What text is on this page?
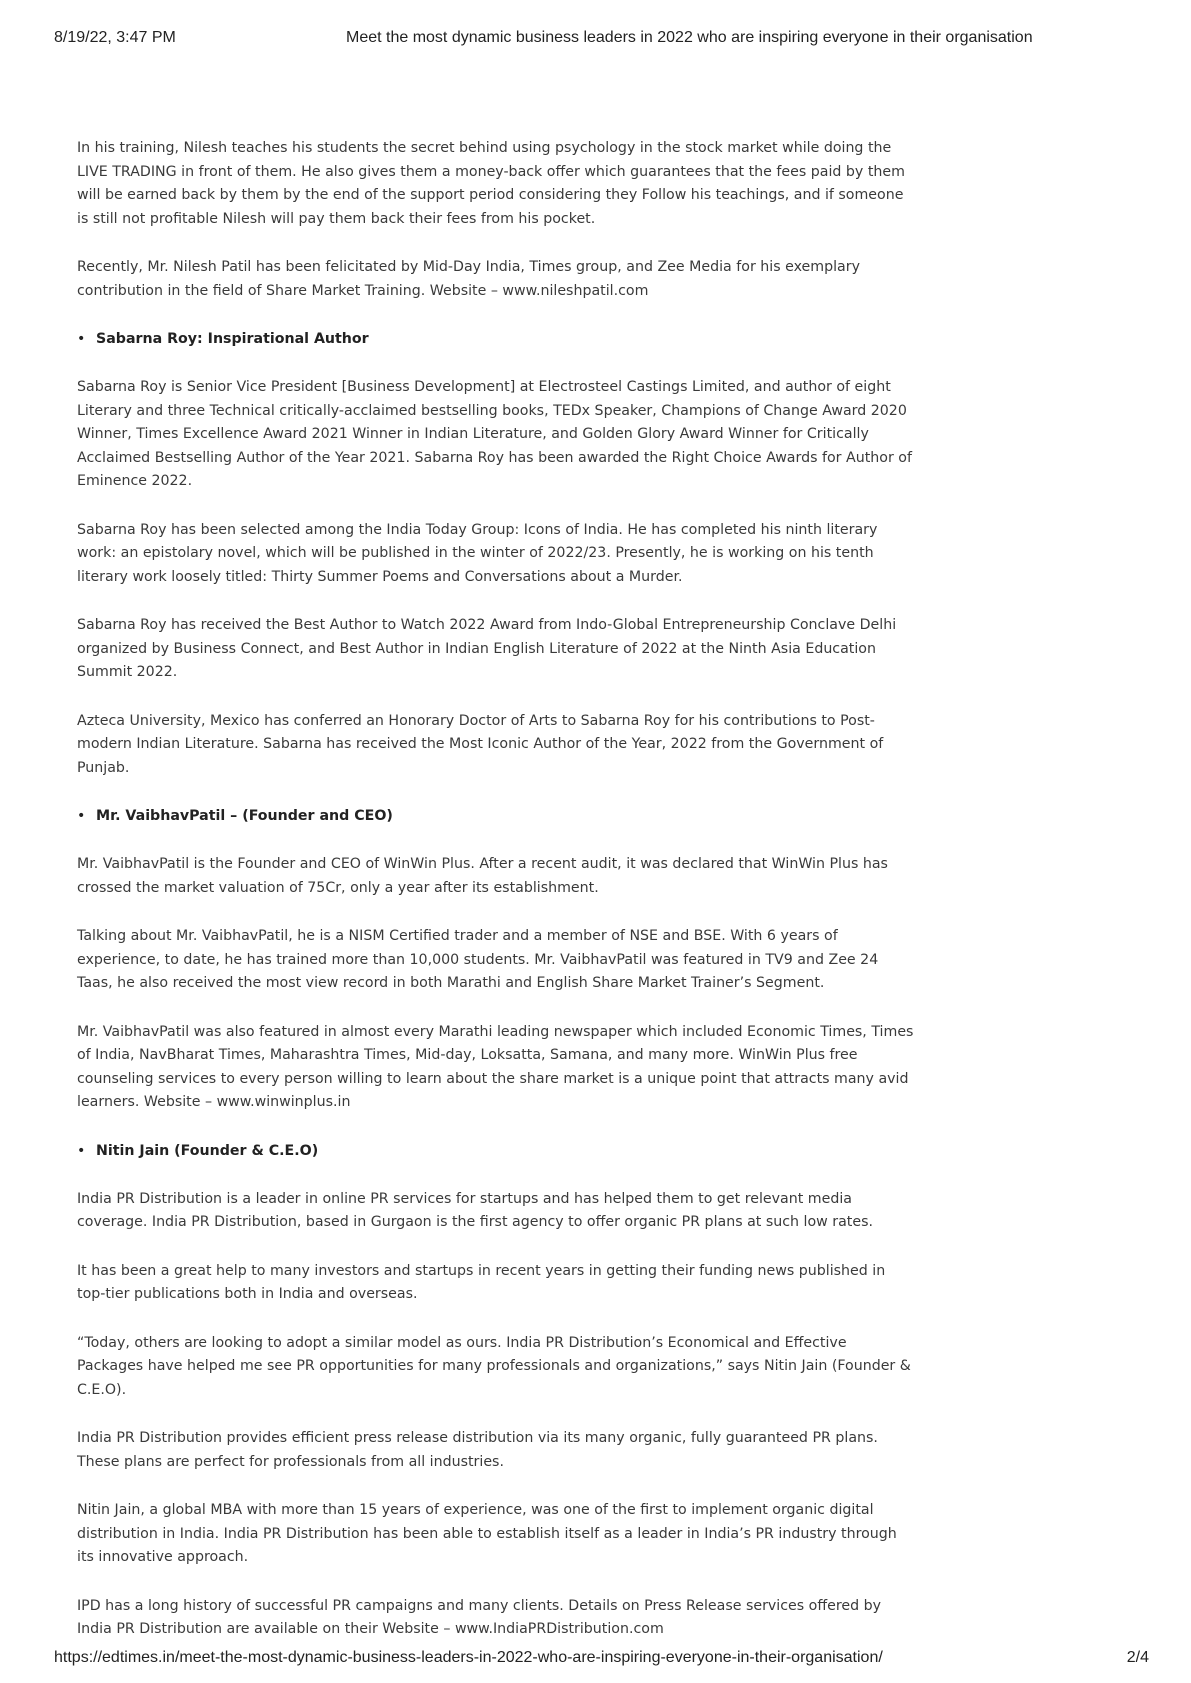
8/19/22, 3:47 PM	Meet the most dynamic business leaders in 2022 who are inspiring everyone in their organisation

In his training, Nilesh teaches his students the secret behind using psychology in the stock market while doing the LIVE TRADING in front of them. He also gives them a money-back offer which guarantees that the fees paid by them will be earned back by them by the end of the support period considering they Follow his teachings, and if someone is still not profitable Nilesh will pay them back their fees from his pocket.

Recently, Mr. Nilesh Patil has been felicitated by Mid-Day India, Times group, and Zee Media for his exemplary contribution in the field of Share Market Training. Website – www.nileshpatil.com

• Sabarna Roy: Inspirational Author

Sabarna Roy is Senior Vice President [Business Development] at Electrosteel Castings Limited, and author of eight Literary and three Technical critically-acclaimed bestselling books, TEDx Speaker, Champions of Change Award 2020 Winner, Times Excellence Award 2021 Winner in Indian Literature, and Golden Glory Award Winner for Critically Acclaimed Bestselling Author of the Year 2021. Sabarna Roy has been awarded the Right Choice Awards for Author of Eminence 2022.

Sabarna Roy has been selected among the India Today Group: Icons of India. He has completed his ninth literary work: an epistolary novel, which will be published in the winter of 2022/23. Presently, he is working on his tenth literary work loosely titled: Thirty Summer Poems and Conversations about a Murder.

Sabarna Roy has received the Best Author to Watch 2022 Award from Indo-Global Entrepreneurship Conclave Delhi organized by Business Connect, and Best Author in Indian English Literature of 2022 at the Ninth Asia Education Summit 2022.

Azteca University, Mexico has conferred an Honorary Doctor of Arts to Sabarna Roy for his contributions to Post-modern Indian Literature. Sabarna has received the Most Iconic Author of the Year, 2022 from the Government of Punjab.

• Mr. VaibhavPatil – (Founder and CEO)

Mr. VaibhavPatil is the Founder and CEO of WinWin Plus. After a recent audit, it was declared that WinWin Plus has crossed the market valuation of 75Cr, only a year after its establishment.

Talking about Mr. VaibhavPatil, he is a NISM Certified trader and a member of NSE and BSE. With 6 years of experience, to date, he has trained more than 10,000 students. Mr. VaibhavPatil was featured in TV9 and Zee 24 Taas, he also received the most view record in both Marathi and English Share Market Trainer’s Segment.

Mr. VaibhavPatil was also featured in almost every Marathi leading newspaper which included Economic Times, Times of India, NavBharat Times, Maharashtra Times, Mid-day, Loksatta, Samana, and many more. WinWin Plus free counseling services to every person willing to learn about the share market is a unique point that attracts many avid learners. Website – www.winwinplus.in

• Nitin Jain (Founder & C.E.O)

India PR Distribution is a leader in online PR services for startups and has helped them to get relevant media coverage. India PR Distribution, based in Gurgaon is the first agency to offer organic PR plans at such low rates.

It has been a great help to many investors and startups in recent years in getting their funding news published in top-tier publications both in India and overseas.

“Today, others are looking to adopt a similar model as ours. India PR Distribution’s Economical and Effective Packages have helped me see PR opportunities for many professionals and organizations,” says Nitin Jain (Founder & C.E.O).

India PR Distribution provides efficient press release distribution via its many organic, fully guaranteed PR plans. These plans are perfect for professionals from all industries.

Nitin Jain, a global MBA with more than 15 years of experience, was one of the first to implement organic digital distribution in India. India PR Distribution has been able to establish itself as a leader in India’s PR industry through its innovative approach.

IPD has a long history of successful PR campaigns and many clients. Details on Press Release services offered by India PR Distribution are available on their Website – www.IndiaPRDistribution.com

https://edtimes.in/meet-the-most-dynamic-business-leaders-in-2022-who-are-inspiring-everyone-in-their-organisation/	2/4
